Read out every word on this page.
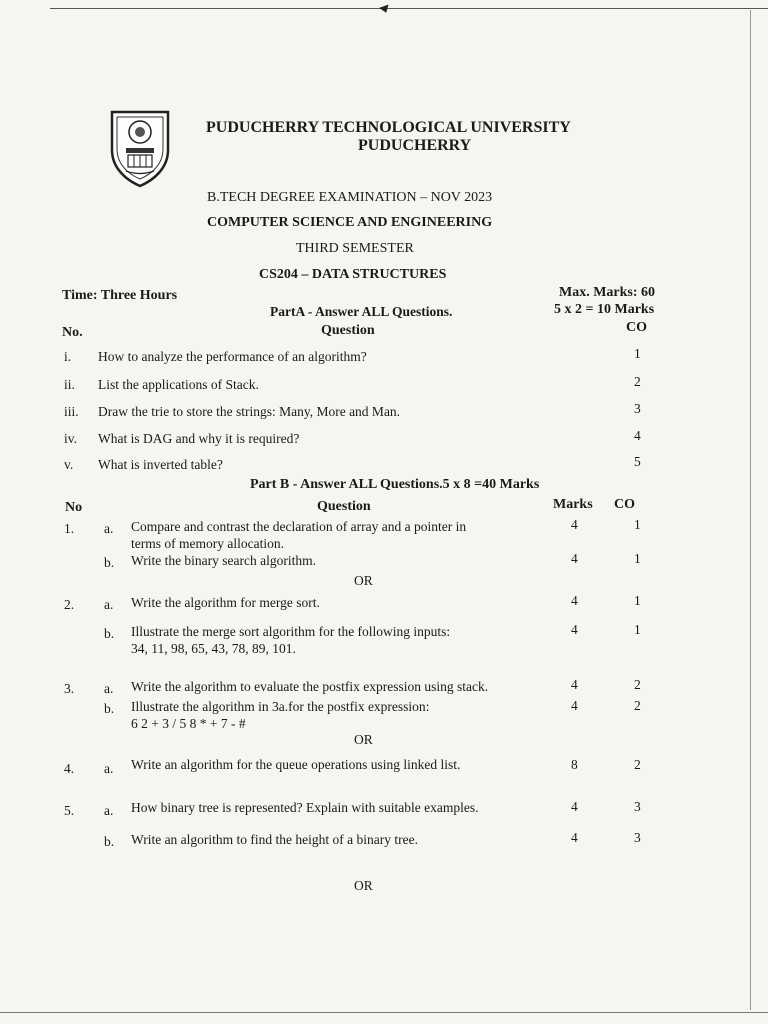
PUDUCHERRY TECHNOLOGICAL UNIVERSITY
PUDUCHERRY
B.TECH DEGREE EXAMINATION – NOV 2023
COMPUTER SCIENCE AND ENGINEERING
THIRD SEMESTER
CS204 – DATA STRUCTURES
Time: Three Hours	Max. Marks: 60
PartA - Answer ALL Questions.	5 x 2 = 10 Marks
No.	Question	CO
i. How to analyze the performance of an algorithm?	1
ii. List the applications of Stack.	2
iii. Draw the trie to store the strings: Many, More and Man.	3
iv. What is DAG and why it is required?	4
v. What is inverted table?	5
Part B - Answer ALL Questions.5 x 8 =40 Marks
No	Question	Marks CO
1. a. Compare and contrast the declaration of array and a pointer in
terms of memory allocation.
4	1
b. Write the binary search algorithm.	4	1
OR
2. a. Write the algorithm for merge sort.	4	1
b. Illustrate the merge sort algorithm for the following inputs:
34, 11, 98, 65, 43, 78, 89, 101.
4	1
3. a. Write the algorithm to evaluate the postfix expression using stack.	4	2
b. Illustrate the algorithm in 3a.for the postfix expression:
6 2 + 3 / 5 8 * + 7 - #
4	2
OR
4. a. Write an algorithm for the queue operations using linked list.	8	2
5. a. How binary tree is represented? Explain with suitable examples.	4	3
b. Write an algorithm to find the height of a binary tree.	4	3
OR
